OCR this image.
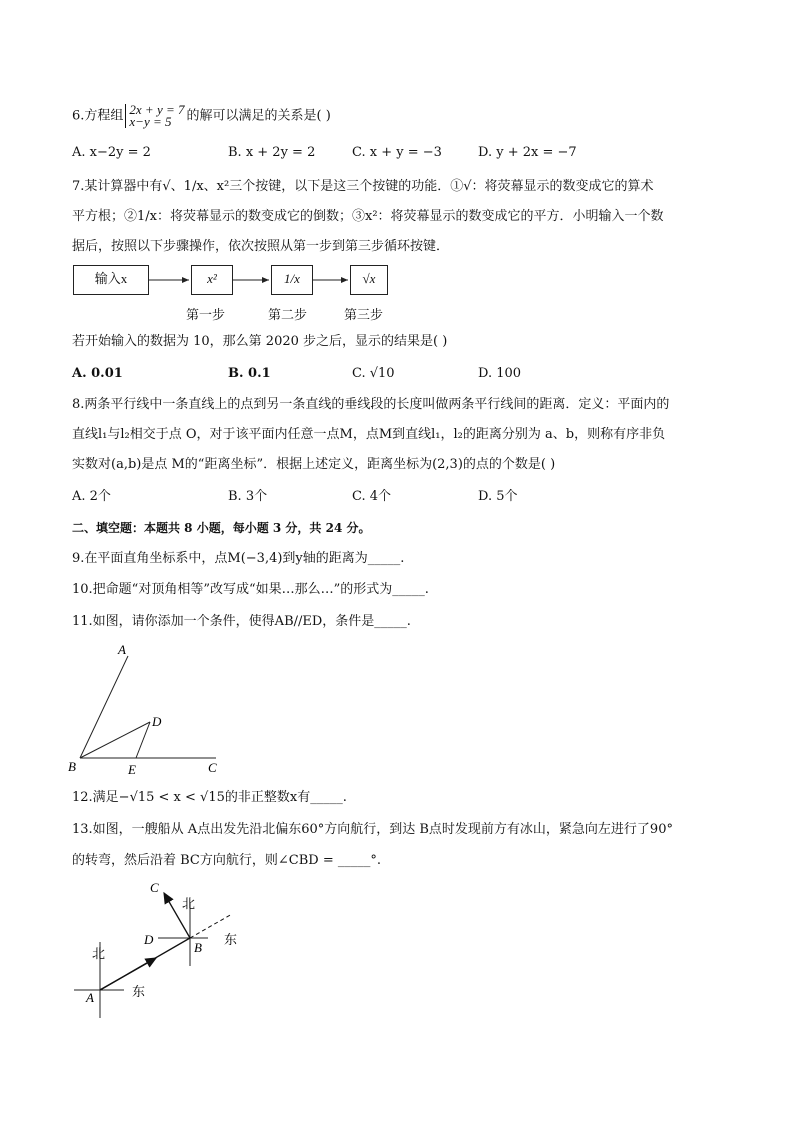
6.方程组 2x + y = 7
x−y = 5 的解可以满足的关系是( )
A. x−2y = 2	B. x + 2y = 2	C. x + y = −3	D. y + 2x = −7
7.某计算器中有√、1/x、x²三个按键，以下是这三个按键的功能．①√：将荧幕显示的数变成它的算术
平方根；②1/x：将荧幕显示的数变成它的倒数；③x²：将荧幕显示的数变成它的平方．小明输入一个数
据后，按照以下步骤操作，依次按照从第一步到第三步循环按键．
输入x	x²	1/x	√x
第一步	第二步	第三步
若开始输入的数据为 10，那么第 2020 步之后，显示的结果是( )
A. 0.01	B. 0.1	C. √10	D. 100
8.两条平行线中一条直线上的点到另一条直线的垂线段的长度叫做两条平行线间的距离．定义：平面内的
直线l₁与l₂相交于点 O，对于该平面内任意一点M，点M到直线l₁，l₂的距离分别为 a、b，则称有序非负
实数对(a,b)是点 M的“距离坐标”．根据上述定义，距离坐标为(2,3)的点的个数是( )
A. 2个	B. 3个	C. 4个	D. 5个
二、填空题：本题共 8 小题，每小题 3 分，共 24 分。
9.在平面直角坐标系中，点M(−3,4)到y轴的距离为_____.
10.把命题“对顶角相等”改写成“如果…那么…”的形式为_____.
11.如图，请你添加一个条件，使得AB//ED，条件是_____.
A
B	C
D
E
12.满足−√15 < x < √15的非正整数x有_____.
13.如图，一艘船从 A点出发先沿北偏东60°方向航行，到达 B点时发现前方有冰山，紧急向左进行了90°
的转弯，然后沿着 BC方向航行，则∠CBD = _____°.
C
北
D
B
东
北
A	东
